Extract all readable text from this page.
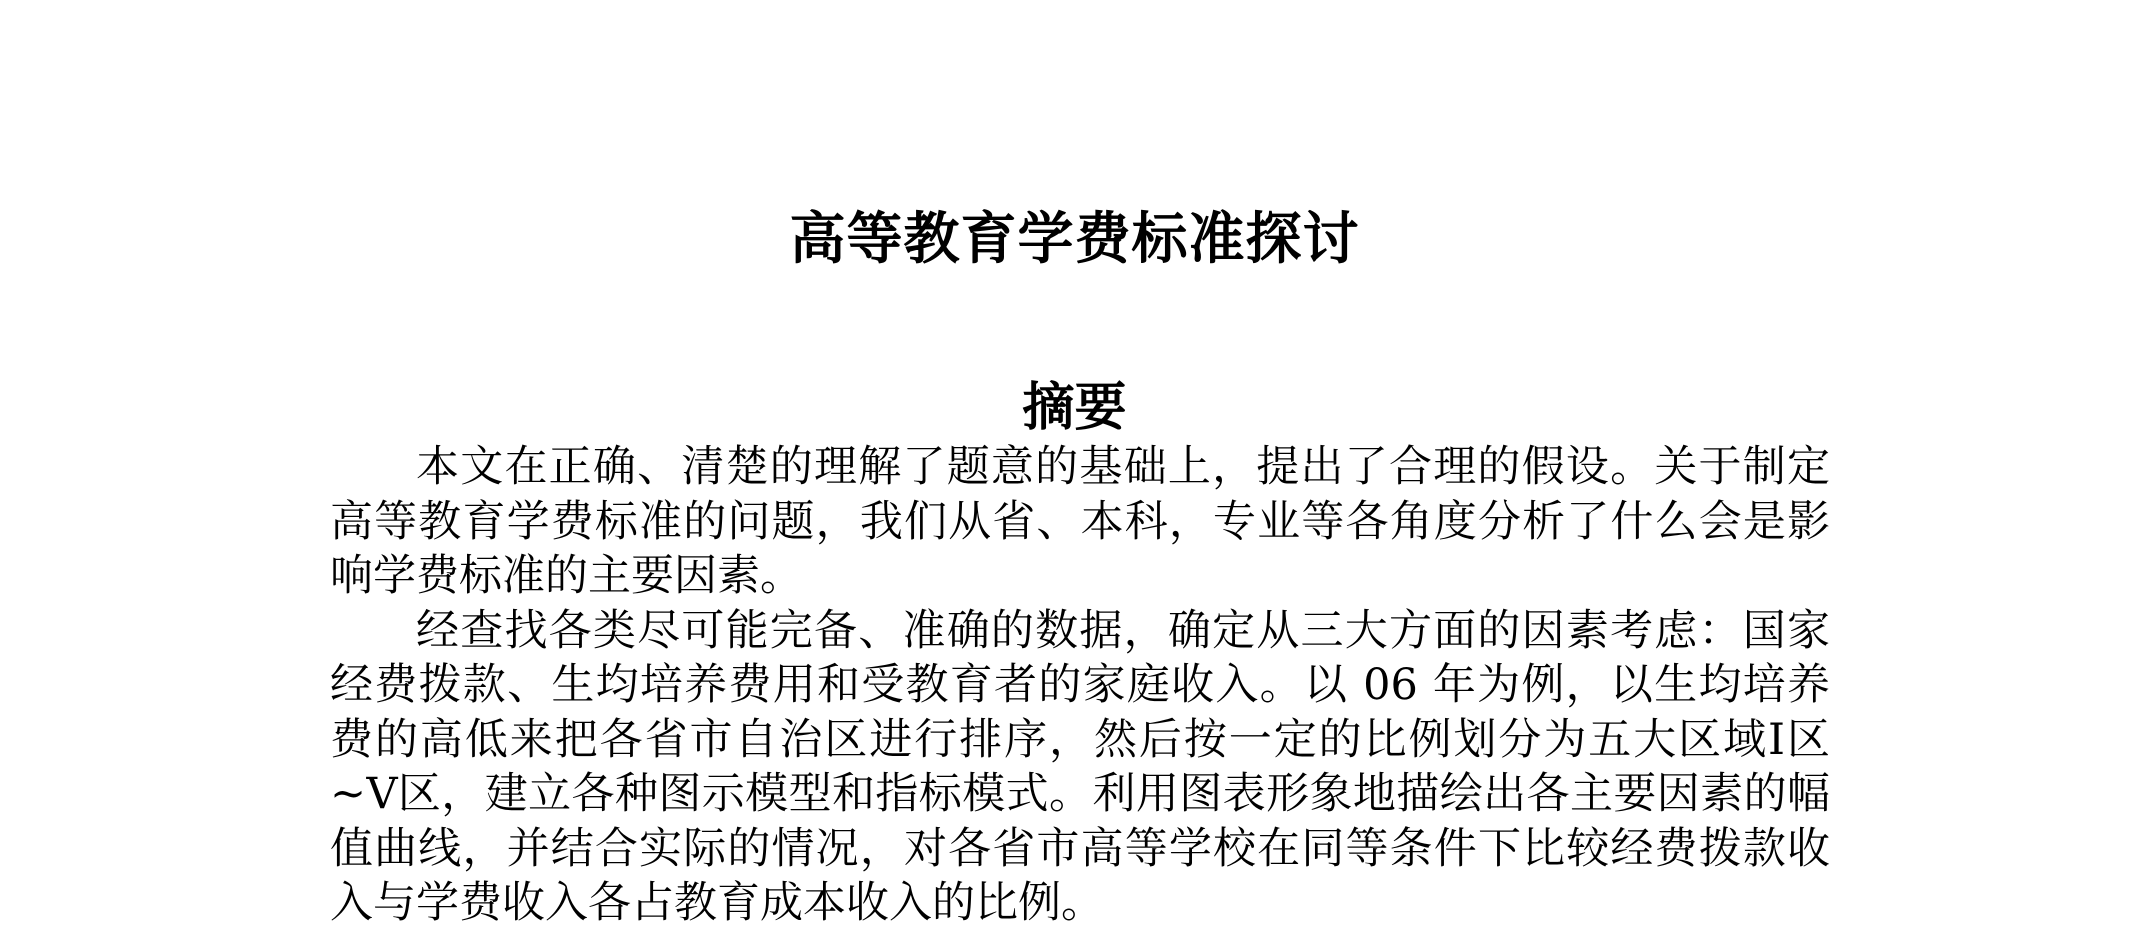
高等教育学费标准探讨
摘要

本文在正确、清楚的理解了题意的基础上，提出了合理的假设。关于制定高等教育学费标准的问题，我们从省、本科，专业等各角度分析了什么会是影响学费标准的主要因素。

经查找各类尽可能完备、准确的数据，确定从三大方面的因素考虑：国家经费拨款、生均培养费用和受教育者的家庭收入。以 06 年为例，以生均培养费的高低来把各省市自治区进行排序，然后按一定的比例划分为五大区域Ⅰ区~Ⅴ区，建立各种图示模型和指标模式。利用图表形象地描绘出各主要因素的幅值曲线，并结合实际的情况，对各省市高等学校在同等条件下比较经费拨款收入与学费收入各占教育成本收入的比例。
